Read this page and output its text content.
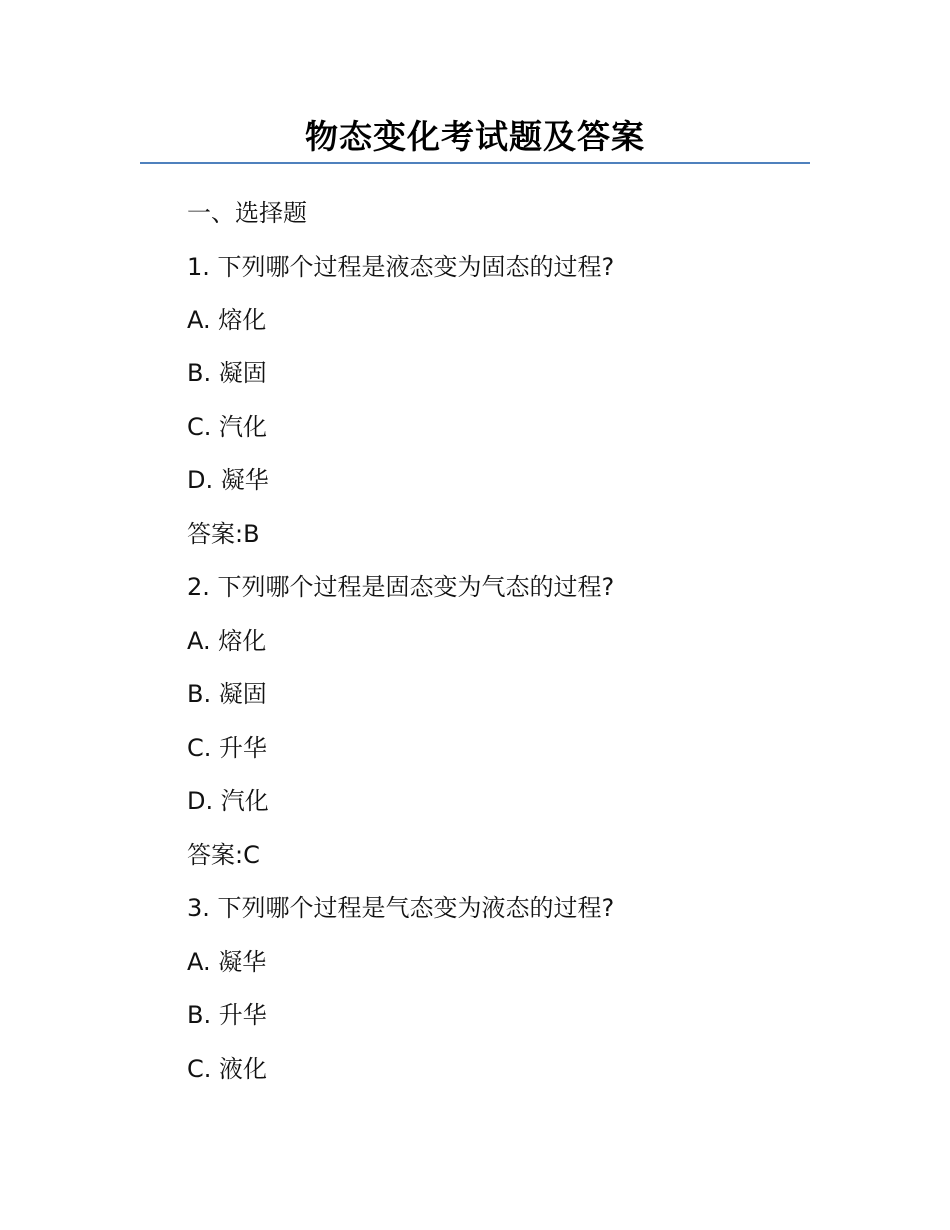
物态变化考试题及答案
一、选择题
1. 下列哪个过程是液态变为固态的过程?
A. 熔化
B. 凝固
C. 汽化
D. 凝华
答案:B
2. 下列哪个过程是固态变为气态的过程?
A. 熔化
B. 凝固
C. 升华
D. 汽化
答案:C
3. 下列哪个过程是气态变为液态的过程?
A. 凝华
B. 升华
C. 液化
